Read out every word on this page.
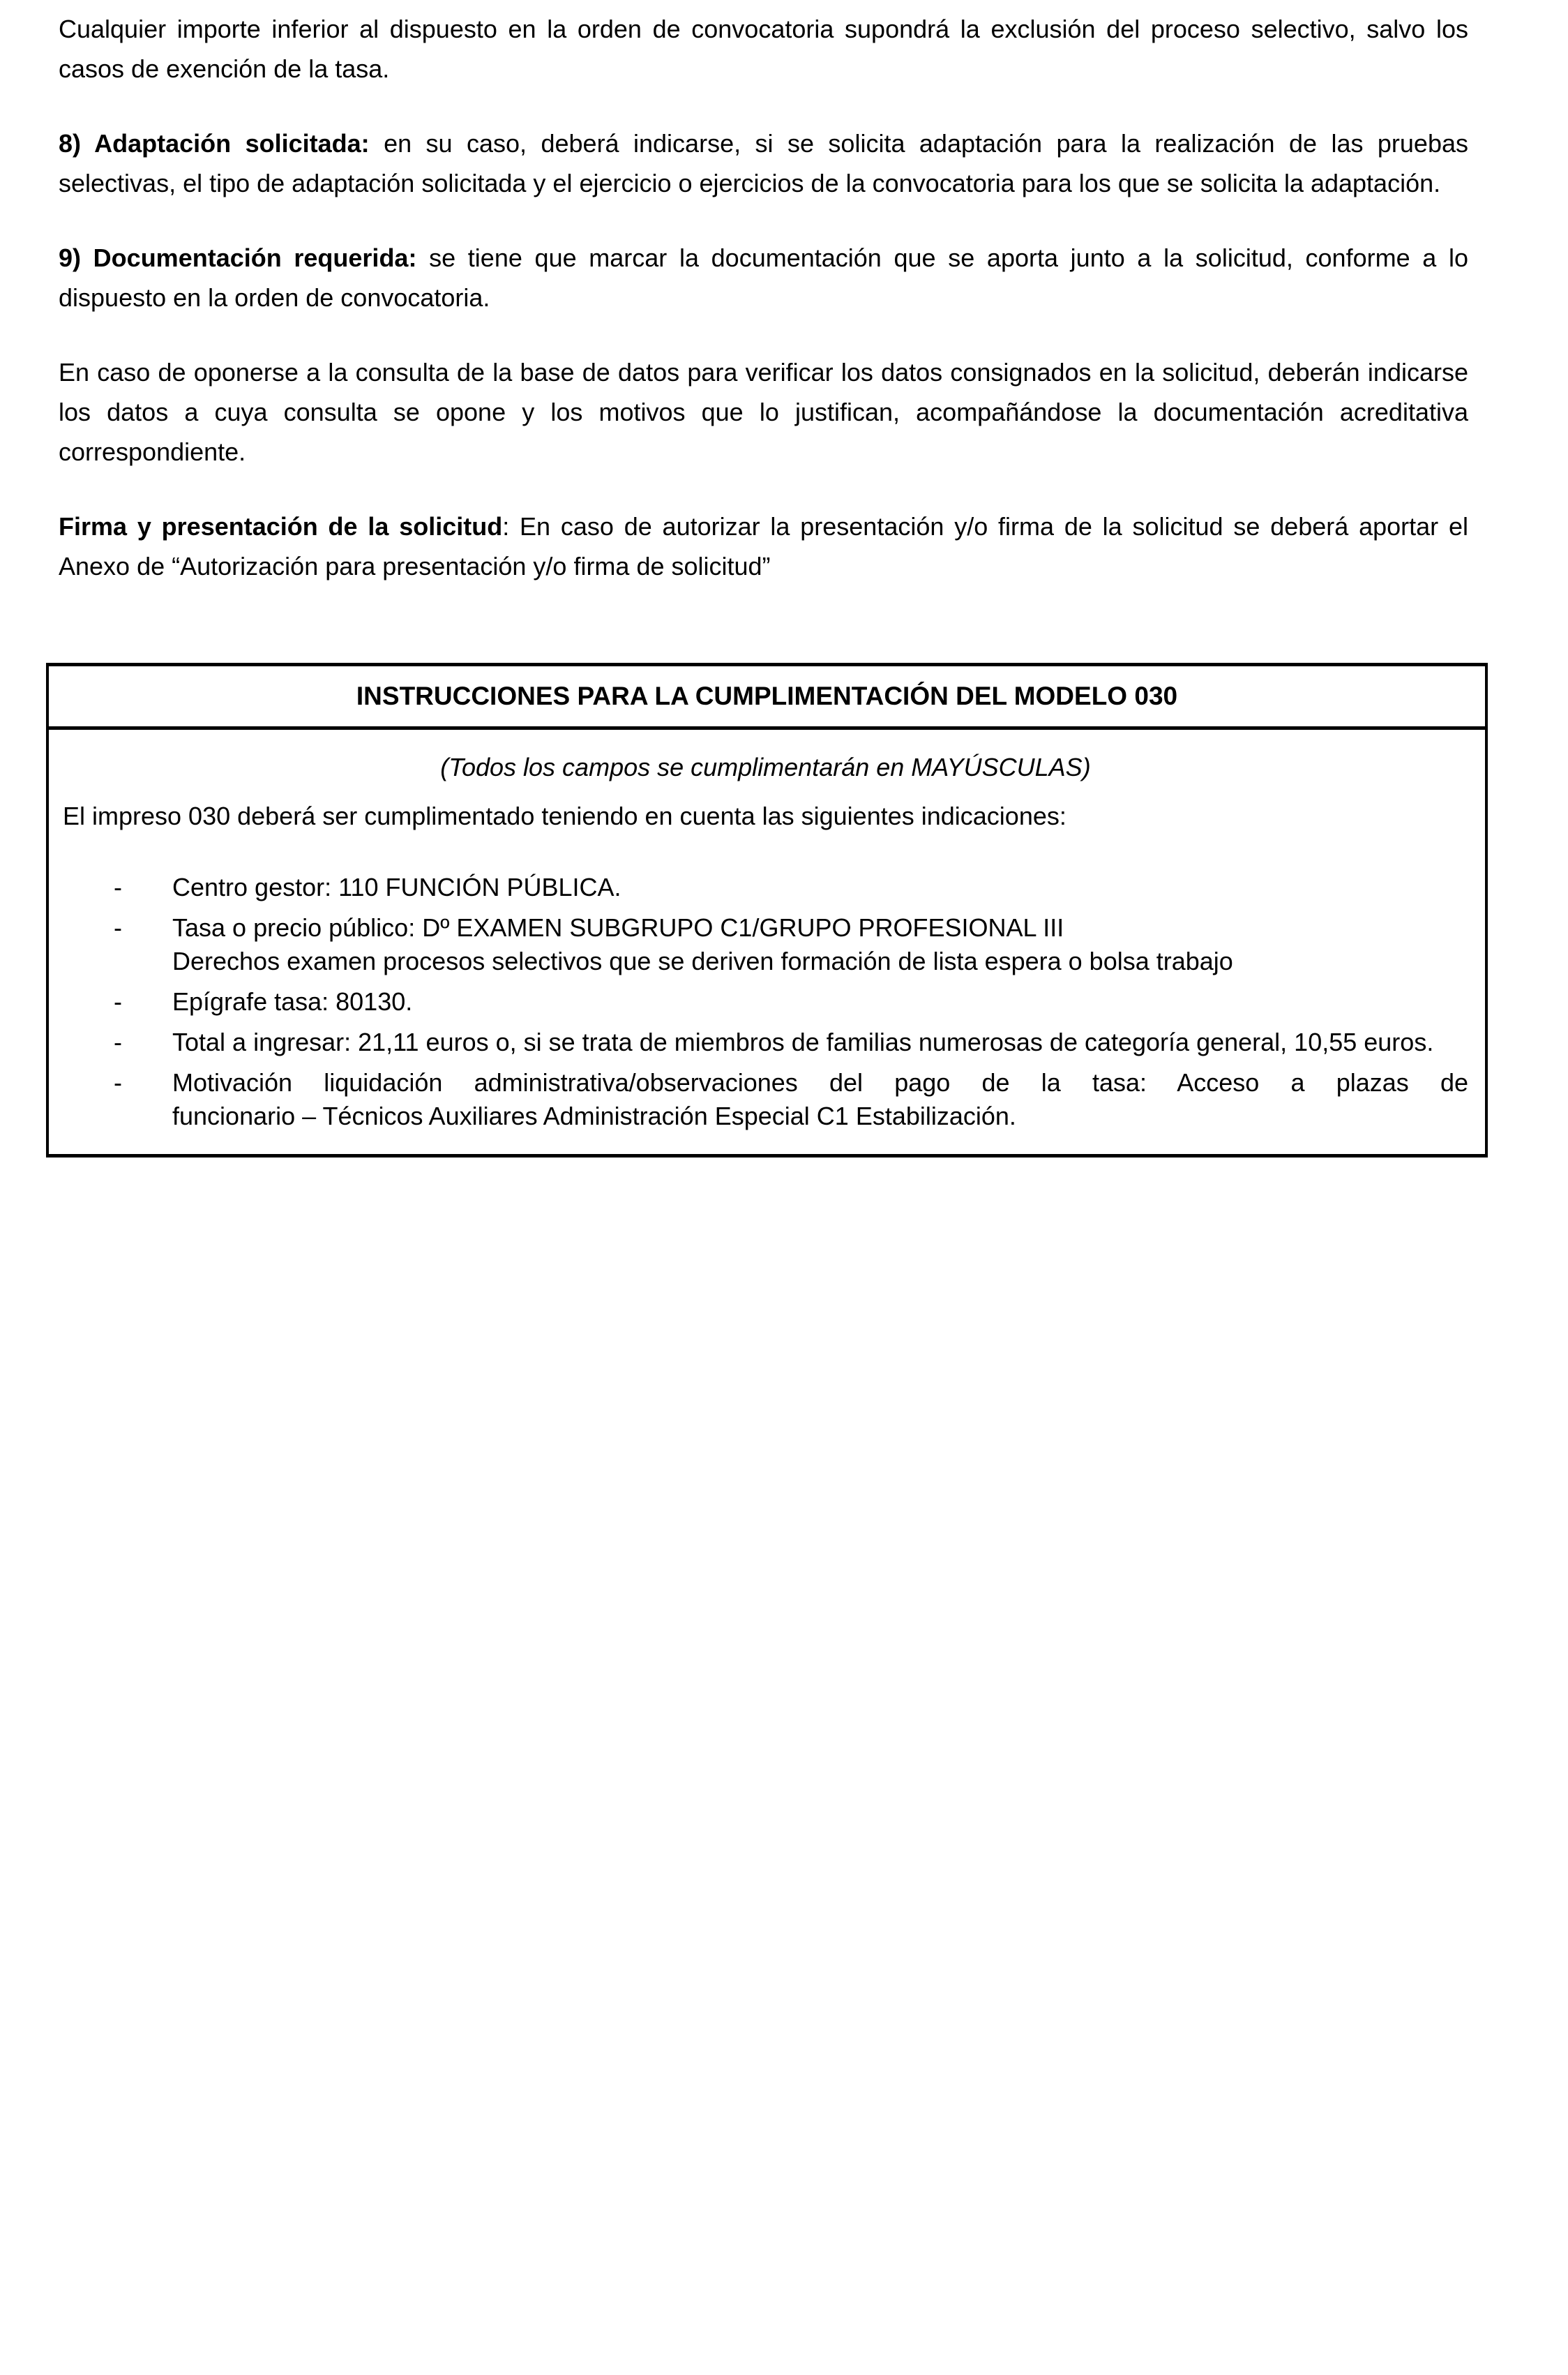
Cualquier importe inferior al dispuesto en la orden de convocatoria supondrá la exclusión del proceso selectivo, salvo los casos de exención de la tasa.

8) Adaptación solicitada: en su caso, deberá indicarse, si se solicita adaptación para la realización de las pruebas selectivas, el tipo de adaptación solicitada y el ejercicio o ejercicios de la convocatoria para los que se solicita la adaptación.

9) Documentación requerida: se tiene que marcar la documentación que se aporta junto a la solicitud, conforme a lo dispuesto en la orden de convocatoria.

En caso de oponerse a la consulta de la base de datos para verificar los datos consignados en la solicitud, deberán indicarse los datos a cuya consulta se opone y los motivos que lo justifican, acompañándose la documentación acreditativa correspondiente.

Firma y presentación de la solicitud: En caso de autorizar la presentación y/o firma de la solicitud se deberá aportar el Anexo de “Autorización para presentación y/o firma de solicitud”

INSTRUCCIONES PARA LA CUMPLIMENTACIÓN DEL MODELO 030
(Todos los campos se cumplimentarán en MAYÚSCULAS)

El impreso 030 deberá ser cumplimentado teniendo en cuenta las siguientes indicaciones:

- Centro gestor: 110 FUNCIÓN PÚBLICA.
- Tasa o precio público: Dº EXAMEN SUBGRUPO C1/GRUPO PROFESIONAL III
Derechos examen procesos selectivos que se deriven formación de lista espera o bolsa trabajo
- Epígrafe tasa: 80130.
- Total a ingresar: 21,11 euros o, si se trata de miembros de familias numerosas de categoría general, 10,55 euros.
- Motivación liquidación administrativa/observaciones del pago de la tasa: Acceso a plazas de
funcionario – Técnicos Auxiliares Administración Especial C1 Estabilización.
